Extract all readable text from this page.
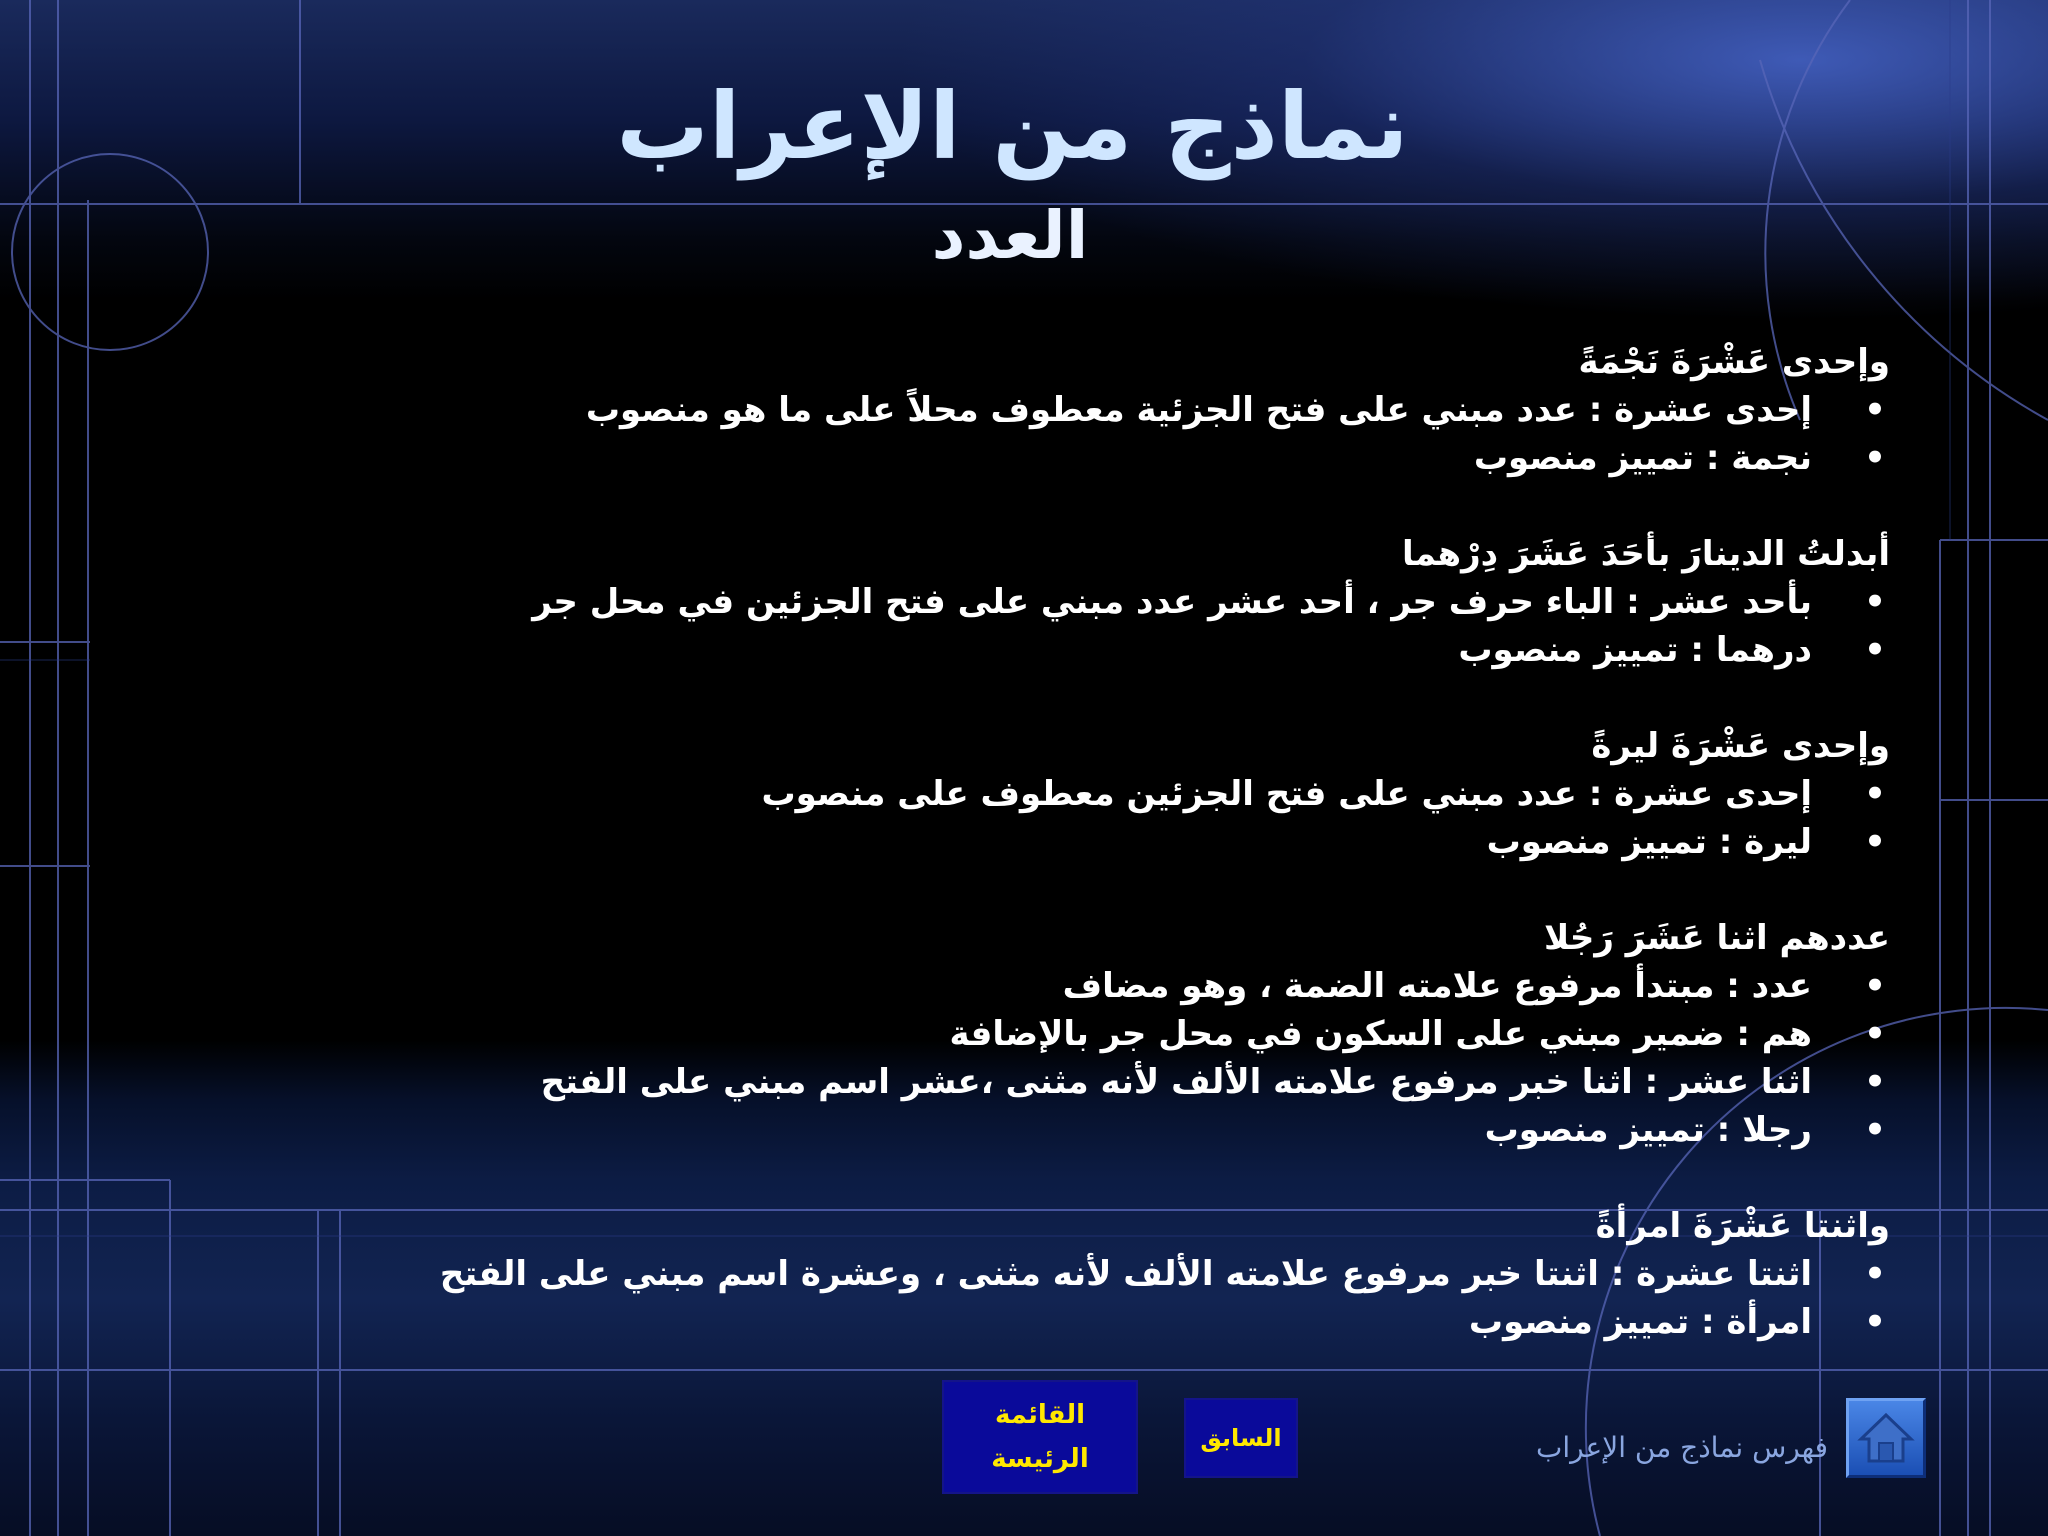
نماذج من الإعراب
العدد
وإحدى عَشْرَةَ نَجْمَةً
•
إحدى عشرة : عدد مبني على فتح الجزئية معطوف محلاً على ما هو منصوب
•
نجمة : تمييز منصوب
أبدلتُ الدينارَ بأحَدَ عَشَرَ دِرْهما
•
بأحد عشر : الباء حرف جر ، أحد عشر عدد مبني على فتح الجزئين في محل جر
•
درهما : تمييز منصوب
وإحدى عَشْرَةَ ليرةً
•
إحدى عشرة : عدد مبني على فتح الجزئين معطوف على منصوب
•
ليرة : تمييز منصوب
عددهم اثنا عَشَرَ رَجُلا
•
عدد : مبتدأ مرفوع علامته الضمة ، وهو مضاف
•
هم : ضمير مبني على السكون في محل جر بالإضافة
•
اثنا عشر : اثنا خبر مرفوع علامته الألف لأنه مثنى ،عشر اسم مبني على الفتح
•
رجلا : تمييز منصوب
واثنتا عَشْرَةَ امرأةً
•
اثنتا عشرة : اثنتا خبر مرفوع علامته الألف لأنه مثنى ، وعشرة اسم مبني على الفتح
•
امرأة : تمييز منصوب
القائمة
الرئيسة
السابق	فهرس نماذج من الإعراب
